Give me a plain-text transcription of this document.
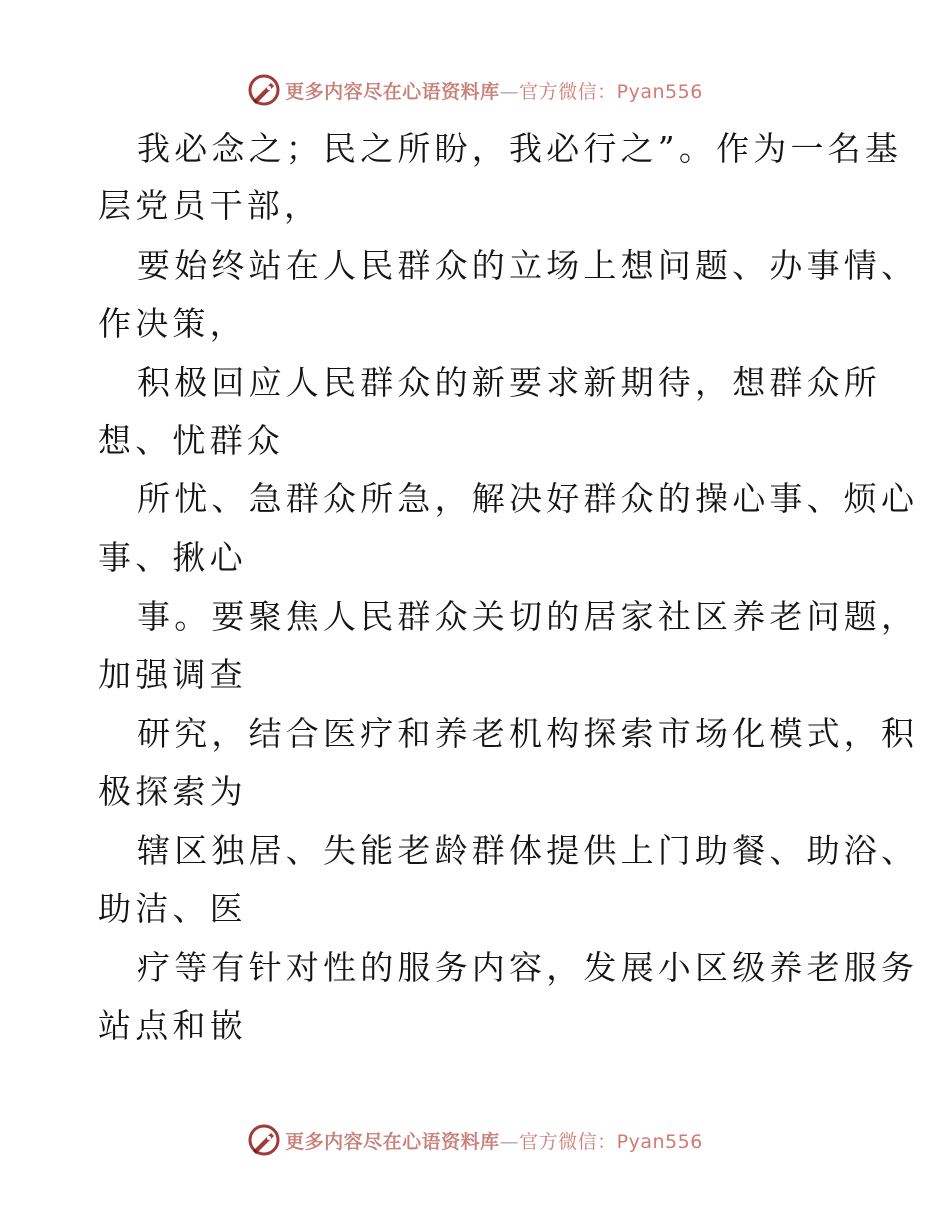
更多内容尽在心语资料库—官方微信：Pyan556
我必念之；民之所盼，我必行之”。作为一名基
层党员干部，
要始终站在人民群众的立场上想问题、办事情、
作决策，
积极回应人民群众的新要求新期待，想群众所
想、忧群众
所忧、急群众所急，解决好群众的操心事、烦心
事、揪心
事。要聚焦人民群众关切的居家社区养老问题，
加强调查
研究，结合医疗和养老机构探索市场化模式，积
极探索为
辖区独居、失能老龄群体提供上门助餐、助浴、
助洁、医
疗等有针对性的服务内容，发展小区级养老服务
站点和嵌
更多内容尽在心语资料库—官方微信：Pyan556
